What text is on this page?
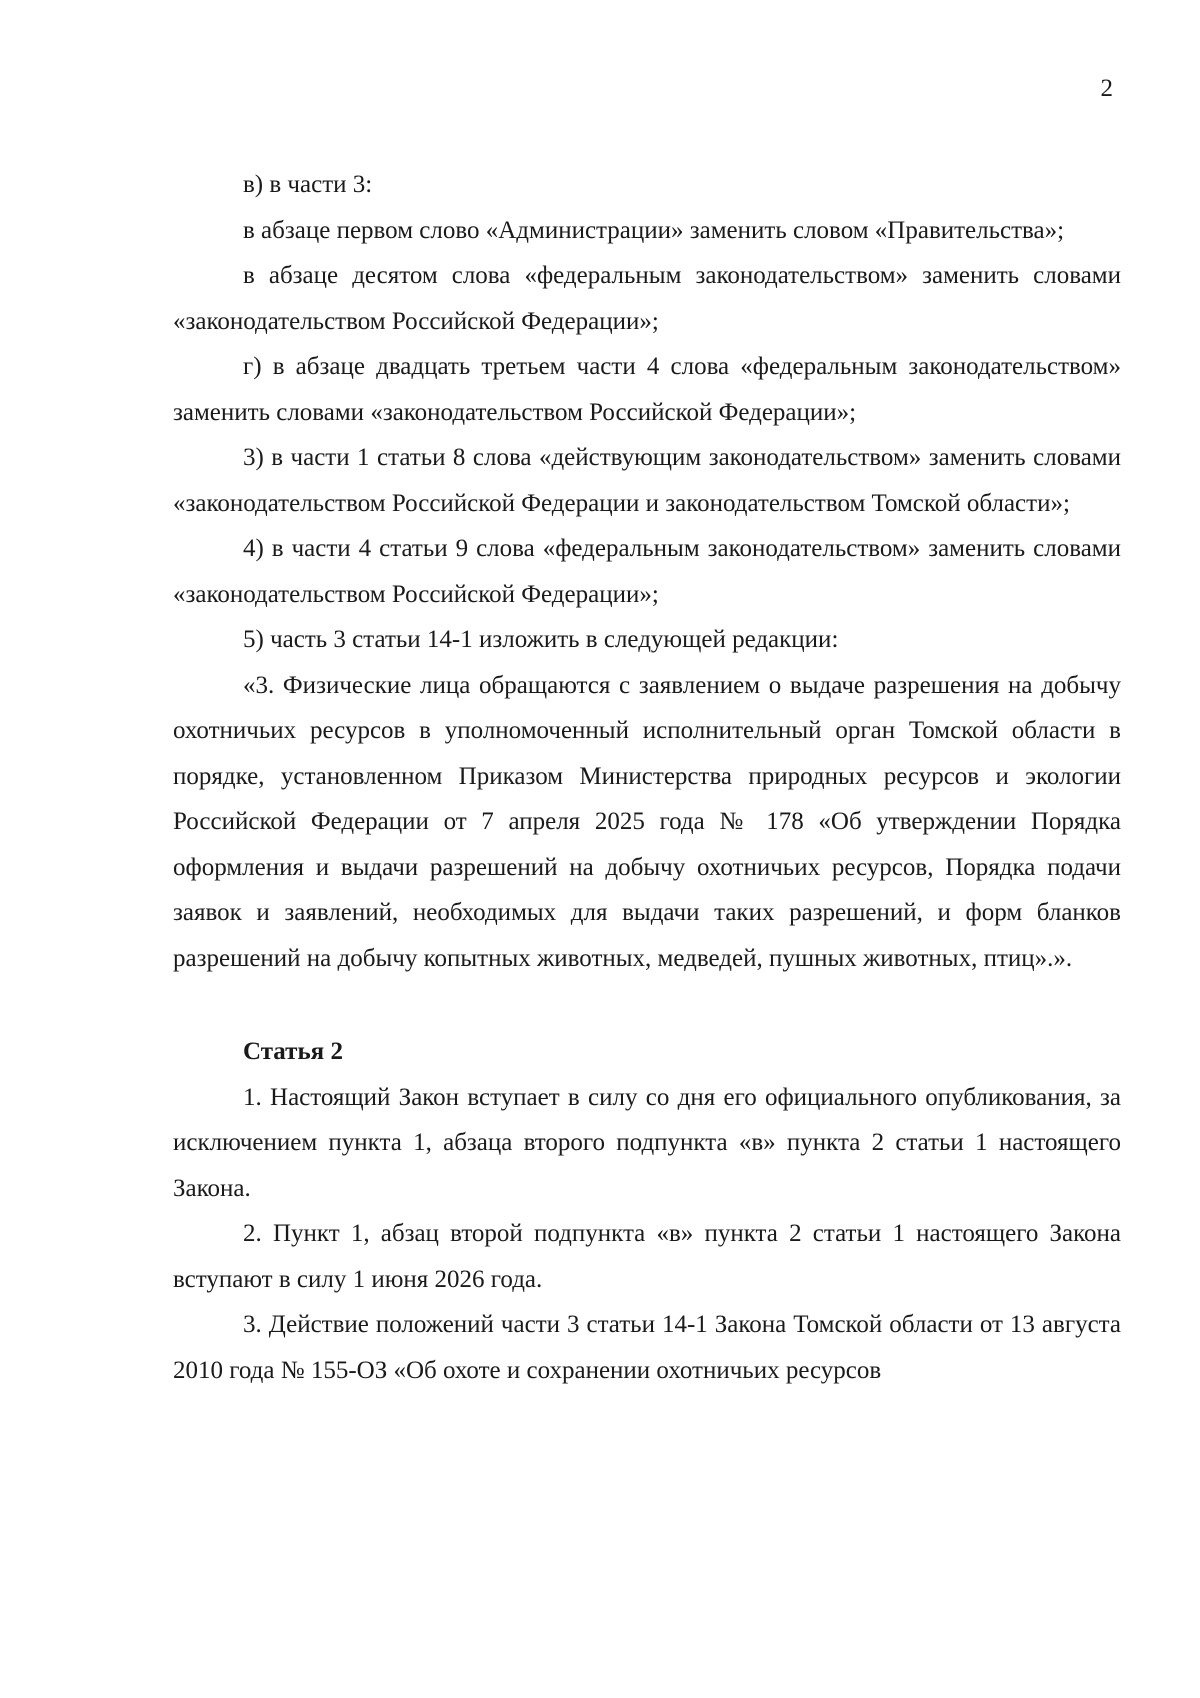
2

в) в части 3:

в абзаце первом слово «Администрации» заменить словом «Правительства»;

в абзаце десятом слова «федеральным законодательством» заменить словами «законодательством Российской Федерации»;

г) в абзаце двадцать третьем части 4 слова «федеральным законодательством» заменить словами «законодательством Российской Федерации»;

3) в части 1 статьи 8 слова «действующим законодательством» заменить словами «законодательством Российской Федерации и законодательством Томской области»;

4) в части 4 статьи 9 слова «федеральным законодательством» заменить словами «законодательством Российской Федерации»;

5) часть 3 статьи 14-1 изложить в следующей редакции:

«3. Физические лица обращаются с заявлением о выдаче разрешения на добычу охотничьих ресурсов в уполномоченный исполнительный орган Томской области в порядке, установленном Приказом Министерства природных ресурсов и экологии Российской Федерации от 7 апреля 2025 года № 178 «Об утверждении Порядка оформления и выдачи разрешений на добычу охотничьих ресурсов, Порядка подачи заявок и заявлений, необходимых для выдачи таких разрешений, и форм бланков разрешений на добычу копытных животных, медведей, пушных животных, птиц».».

Статья 2

1. Настоящий Закон вступает в силу со дня его официального опубликования, за исключением пункта 1, абзаца второго подпункта «в» пункта 2 статьи 1 настоящего Закона.

2. Пункт 1, абзац второй подпункта «в» пункта 2 статьи 1 настоящего Закона вступают в силу 1 июня 2026 года.

3. Действие положений части 3 статьи 14-1 Закона Томской области от 13 августа 2010 года № 155-ОЗ «Об охоте и сохранении охотничьих ресурсов
